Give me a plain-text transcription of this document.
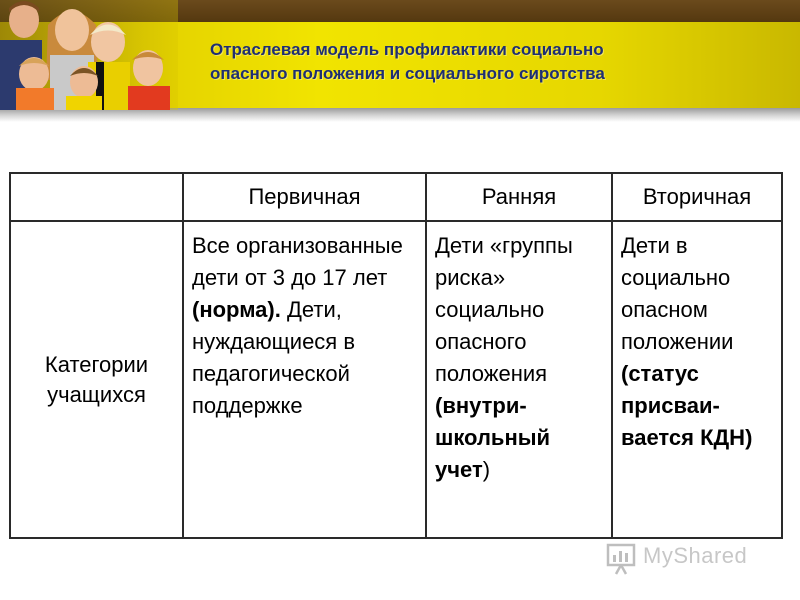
Отраслевая модель профилактики социально
опасного положения и социального сиротства
	Первичная	Ранняя	Вторичная

Категории
учащихся	Все организованные дети от 3 до 17 лет (норма). Дети, нуждающиеся в педагогической поддержке	Дети «группы риска» социально опасного положения (внутри-школьный учет)	Дети в социально опасном положении (статус присваи-вается КДН)
MyShared
